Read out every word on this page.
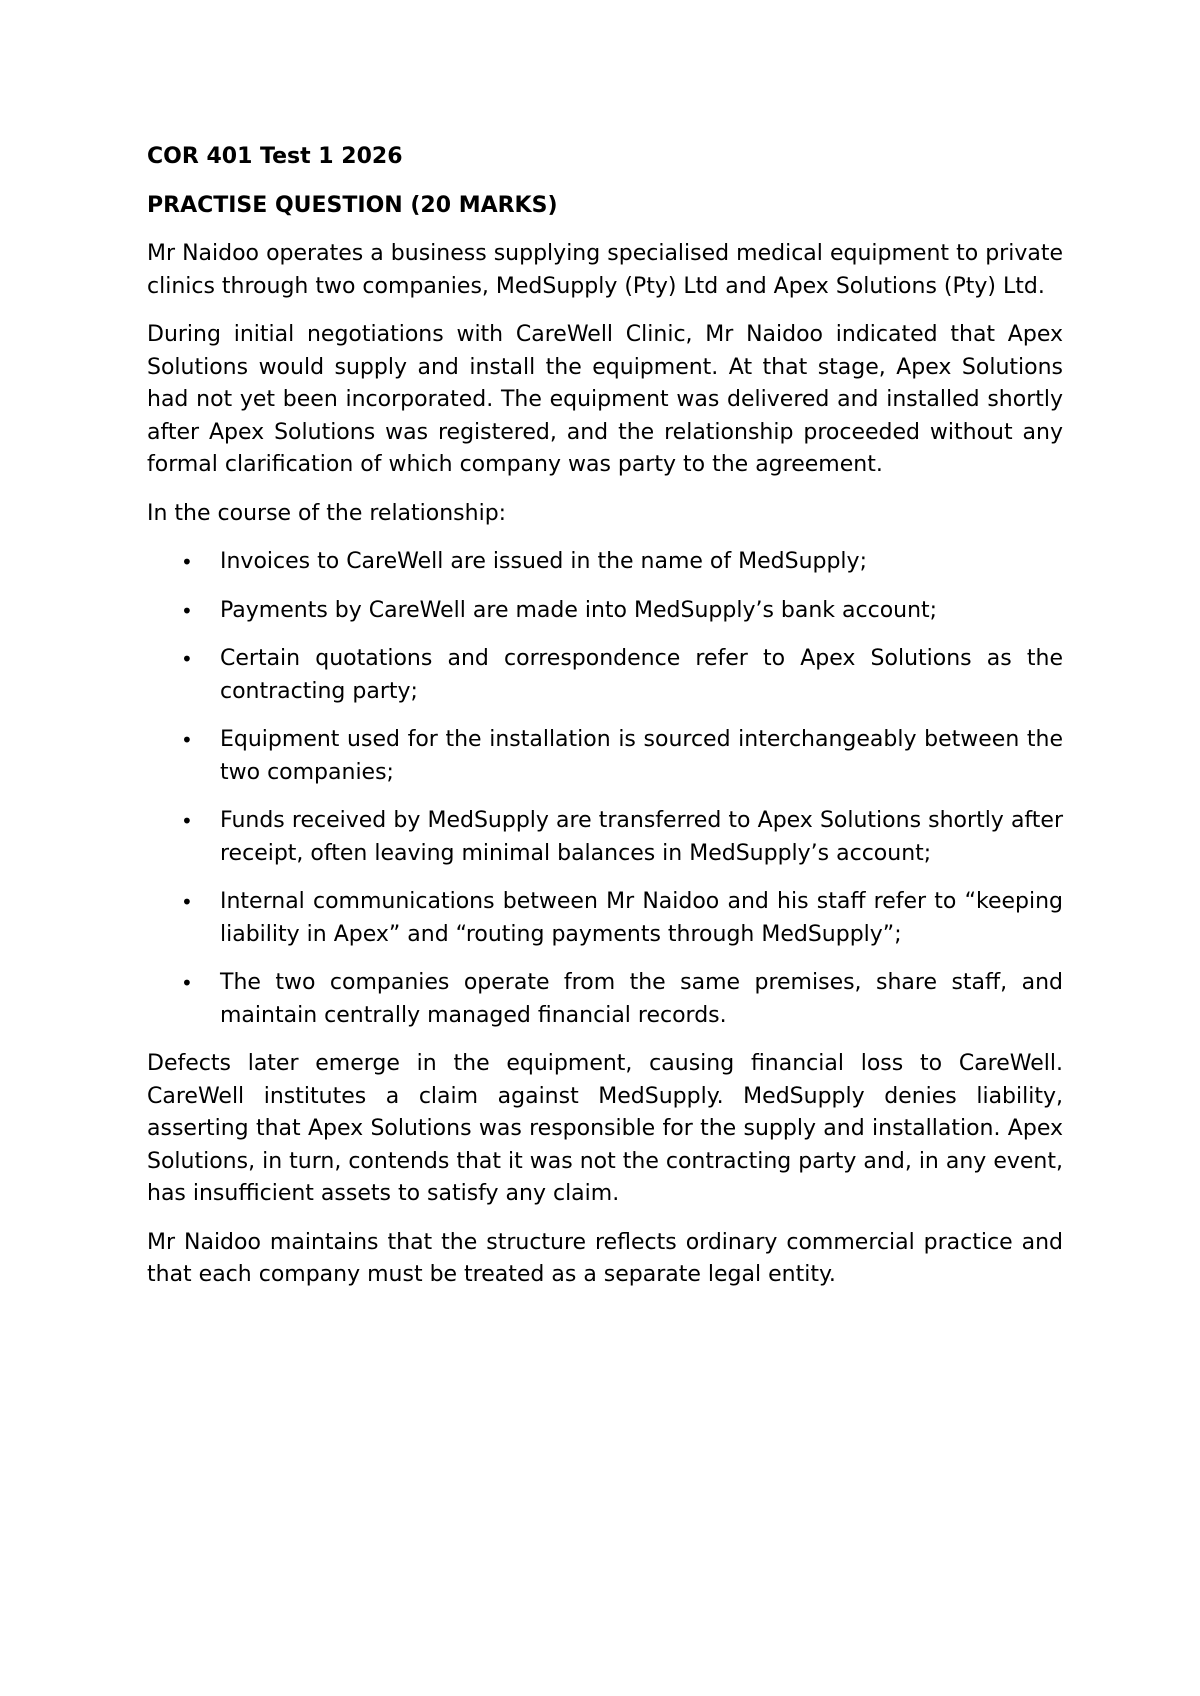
COR 401 Test 1 2026
PRACTISE QUESTION (20 MARKS)

Mr Naidoo operates a business supplying specialised medical equipment to private clinics through two companies, MedSupply (Pty) Ltd and Apex Solutions (Pty) Ltd.

During initial negotiations with CareWell Clinic, Mr Naidoo indicated that Apex Solutions would supply and install the equipment. At that stage, Apex Solutions had not yet been incorporated. The equipment was delivered and installed shortly after Apex Solutions was registered, and the relationship proceeded without any formal clarification of which company was party to the agreement.

In the course of the relationship:

• Invoices to CareWell are issued in the name of MedSupply;
• Payments by CareWell are made into MedSupply’s bank account;
• Certain quotations and correspondence refer to Apex Solutions as the contracting party;
• Equipment used for the installation is sourced interchangeably between the two companies;
• Funds received by MedSupply are transferred to Apex Solutions shortly after receipt, often leaving minimal balances in MedSupply’s account;
• Internal communications between Mr Naidoo and his staff refer to “keeping liability in Apex” and “routing payments through MedSupply”;
• The two companies operate from the same premises, share staff, and maintain centrally managed financial records.

Defects later emerge in the equipment, causing financial loss to CareWell. CareWell institutes a claim against MedSupply. MedSupply denies liability, asserting that Apex Solutions was responsible for the supply and installation. Apex Solutions, in turn, contends that it was not the contracting party and, in any event, has insufficient assets to satisfy any claim.

Mr Naidoo maintains that the structure reflects ordinary commercial practice and that each company must be treated as a separate legal entity.
